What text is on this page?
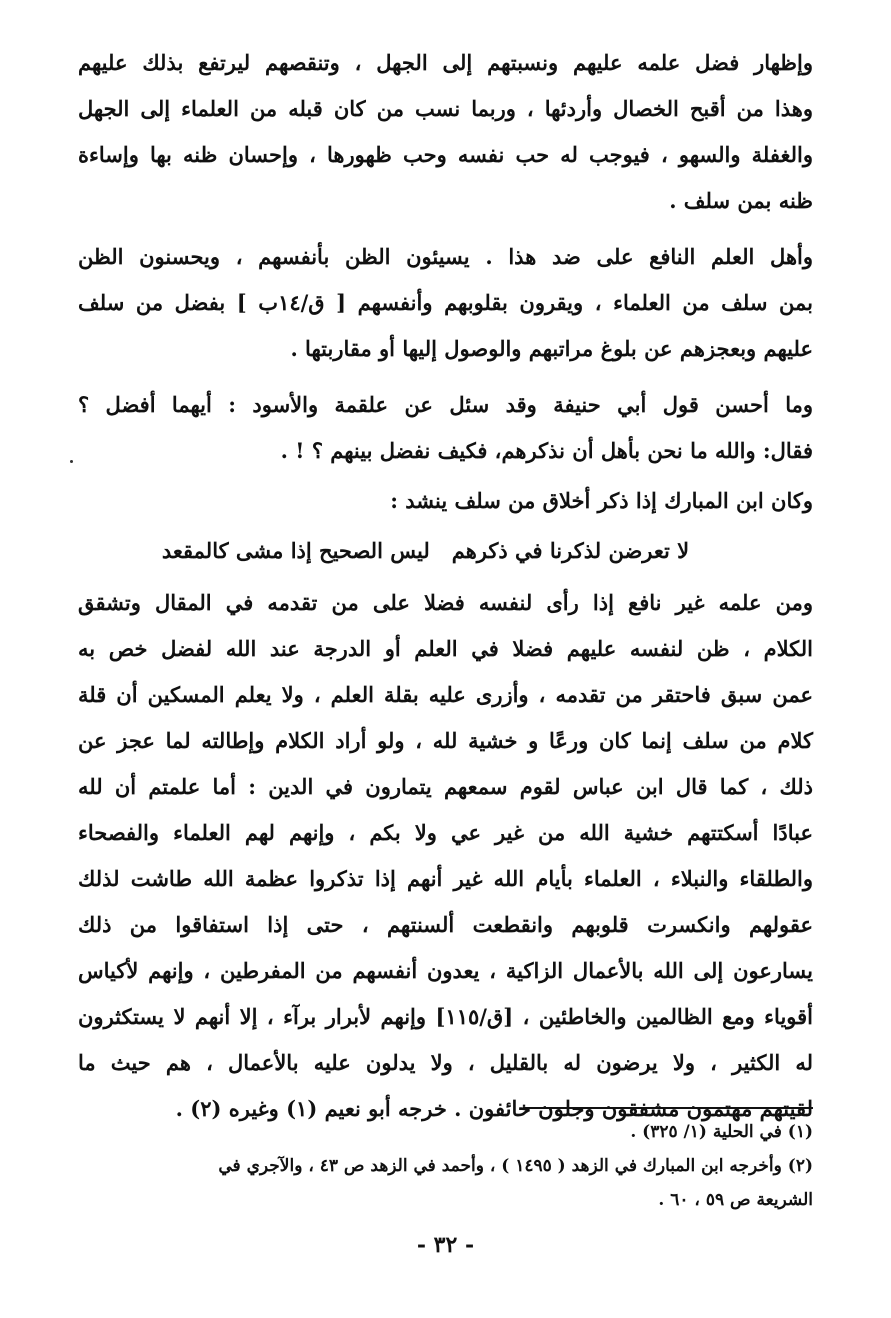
وإظهار فضل علمه عليهم ونسبتهم إلى الجهل ، وتنقصهم ليرتفع بذلك عليهم
وهذا من أقبح الخصال وأردئها ، وربما نسب من كان قبله من العلماء إلى الجهل
والغفلة والسهو ، فيوجب له حب نفسه وحب ظهورها ، وإحسان ظنه بها وإساءة
ظنه بمن سلف .

وأهل العلم النافع على ضد هذا . يسيئون الظن بأنفسهم ، ويحسنون الظن
بمن سلف من العلماء ، ويقرون بقلوبهم وأنفسهم [ ق/١٤ب ] بفضل من سلف
عليهم وبعجزهم عن بلوغ مراتبهم والوصول إليها أو مقاربتها .

وما أحسن قول أبي حنيفة وقد سئل عن علقمة والأسود : أيهما أفضل ؟
فقال: والله ما نحن بأهل أن نذكرهم، فكيف نفضل بينهم ؟ ! .

وكان ابن المبارك إذا ذكر أخلاق من سلف ينشد :

لا تعرضن لذكرنا في ذكرهم
ليس الصحيح إذا مشى كالمقعد

ومن علمه غير نافع إذا رأى لنفسه فضلا على من تقدمه في المقال وتشقق
الكلام ، ظن لنفسه عليهم فضلا في العلم أو الدرجة عند الله لفضل خص به
عمن سبق فاحتقر من تقدمه ، وأزرى عليه بقلة العلم ، ولا يعلم المسكين أن قلة
كلام من سلف إنما كان ورعًا و خشية لله ، ولو أراد الكلام وإطالته لما عجز عن
ذلك ، كما قال ابن عباس لقوم سمعهم يتمارون في الدين : أما علمتم أن لله
عبادًا أسكتتهم خشية الله من غير عي ولا بكم ، وإنهم لهم العلماء والفصحاء
والطلقاء والنبلاء ، العلماء بأيام الله غير أنهم إذا تذكروا عظمة الله طاشت لذلك
عقولهم وانكسرت قلوبهم وانقطعت ألسنتهم ، حتى إذا استفاقوا من ذلك
يسارعون إلى الله بالأعمال الزاكية ، يعدون أنفسهم من المفرطين ، وإنهم لأكياس
أقوياء ومع الظالمين والخاطئين ، [ق/١١٥] وإنهم لأبرار برآء ، إلا أنهم لا يستكثرون
له الكثير ، ولا يرضون له بالقليل ، ولا يدلون عليه بالأعمال ، هم حيث ما
لقيتهم مهتمون مشفقون وجلون خائفون . خرجه أبو نعيم (١) وغيره (٢) .

(١) في الحلية (١/ ٣٢٥) .
(٢) وأخرجه ابن المبارك في الزهد ( ١٤٩٥ ) ، وأحمد في الزهد ص ٤٣ ، والآجري في
الشريعة ص ٥٩ ، ٦٠ .
- ٣٢ -
